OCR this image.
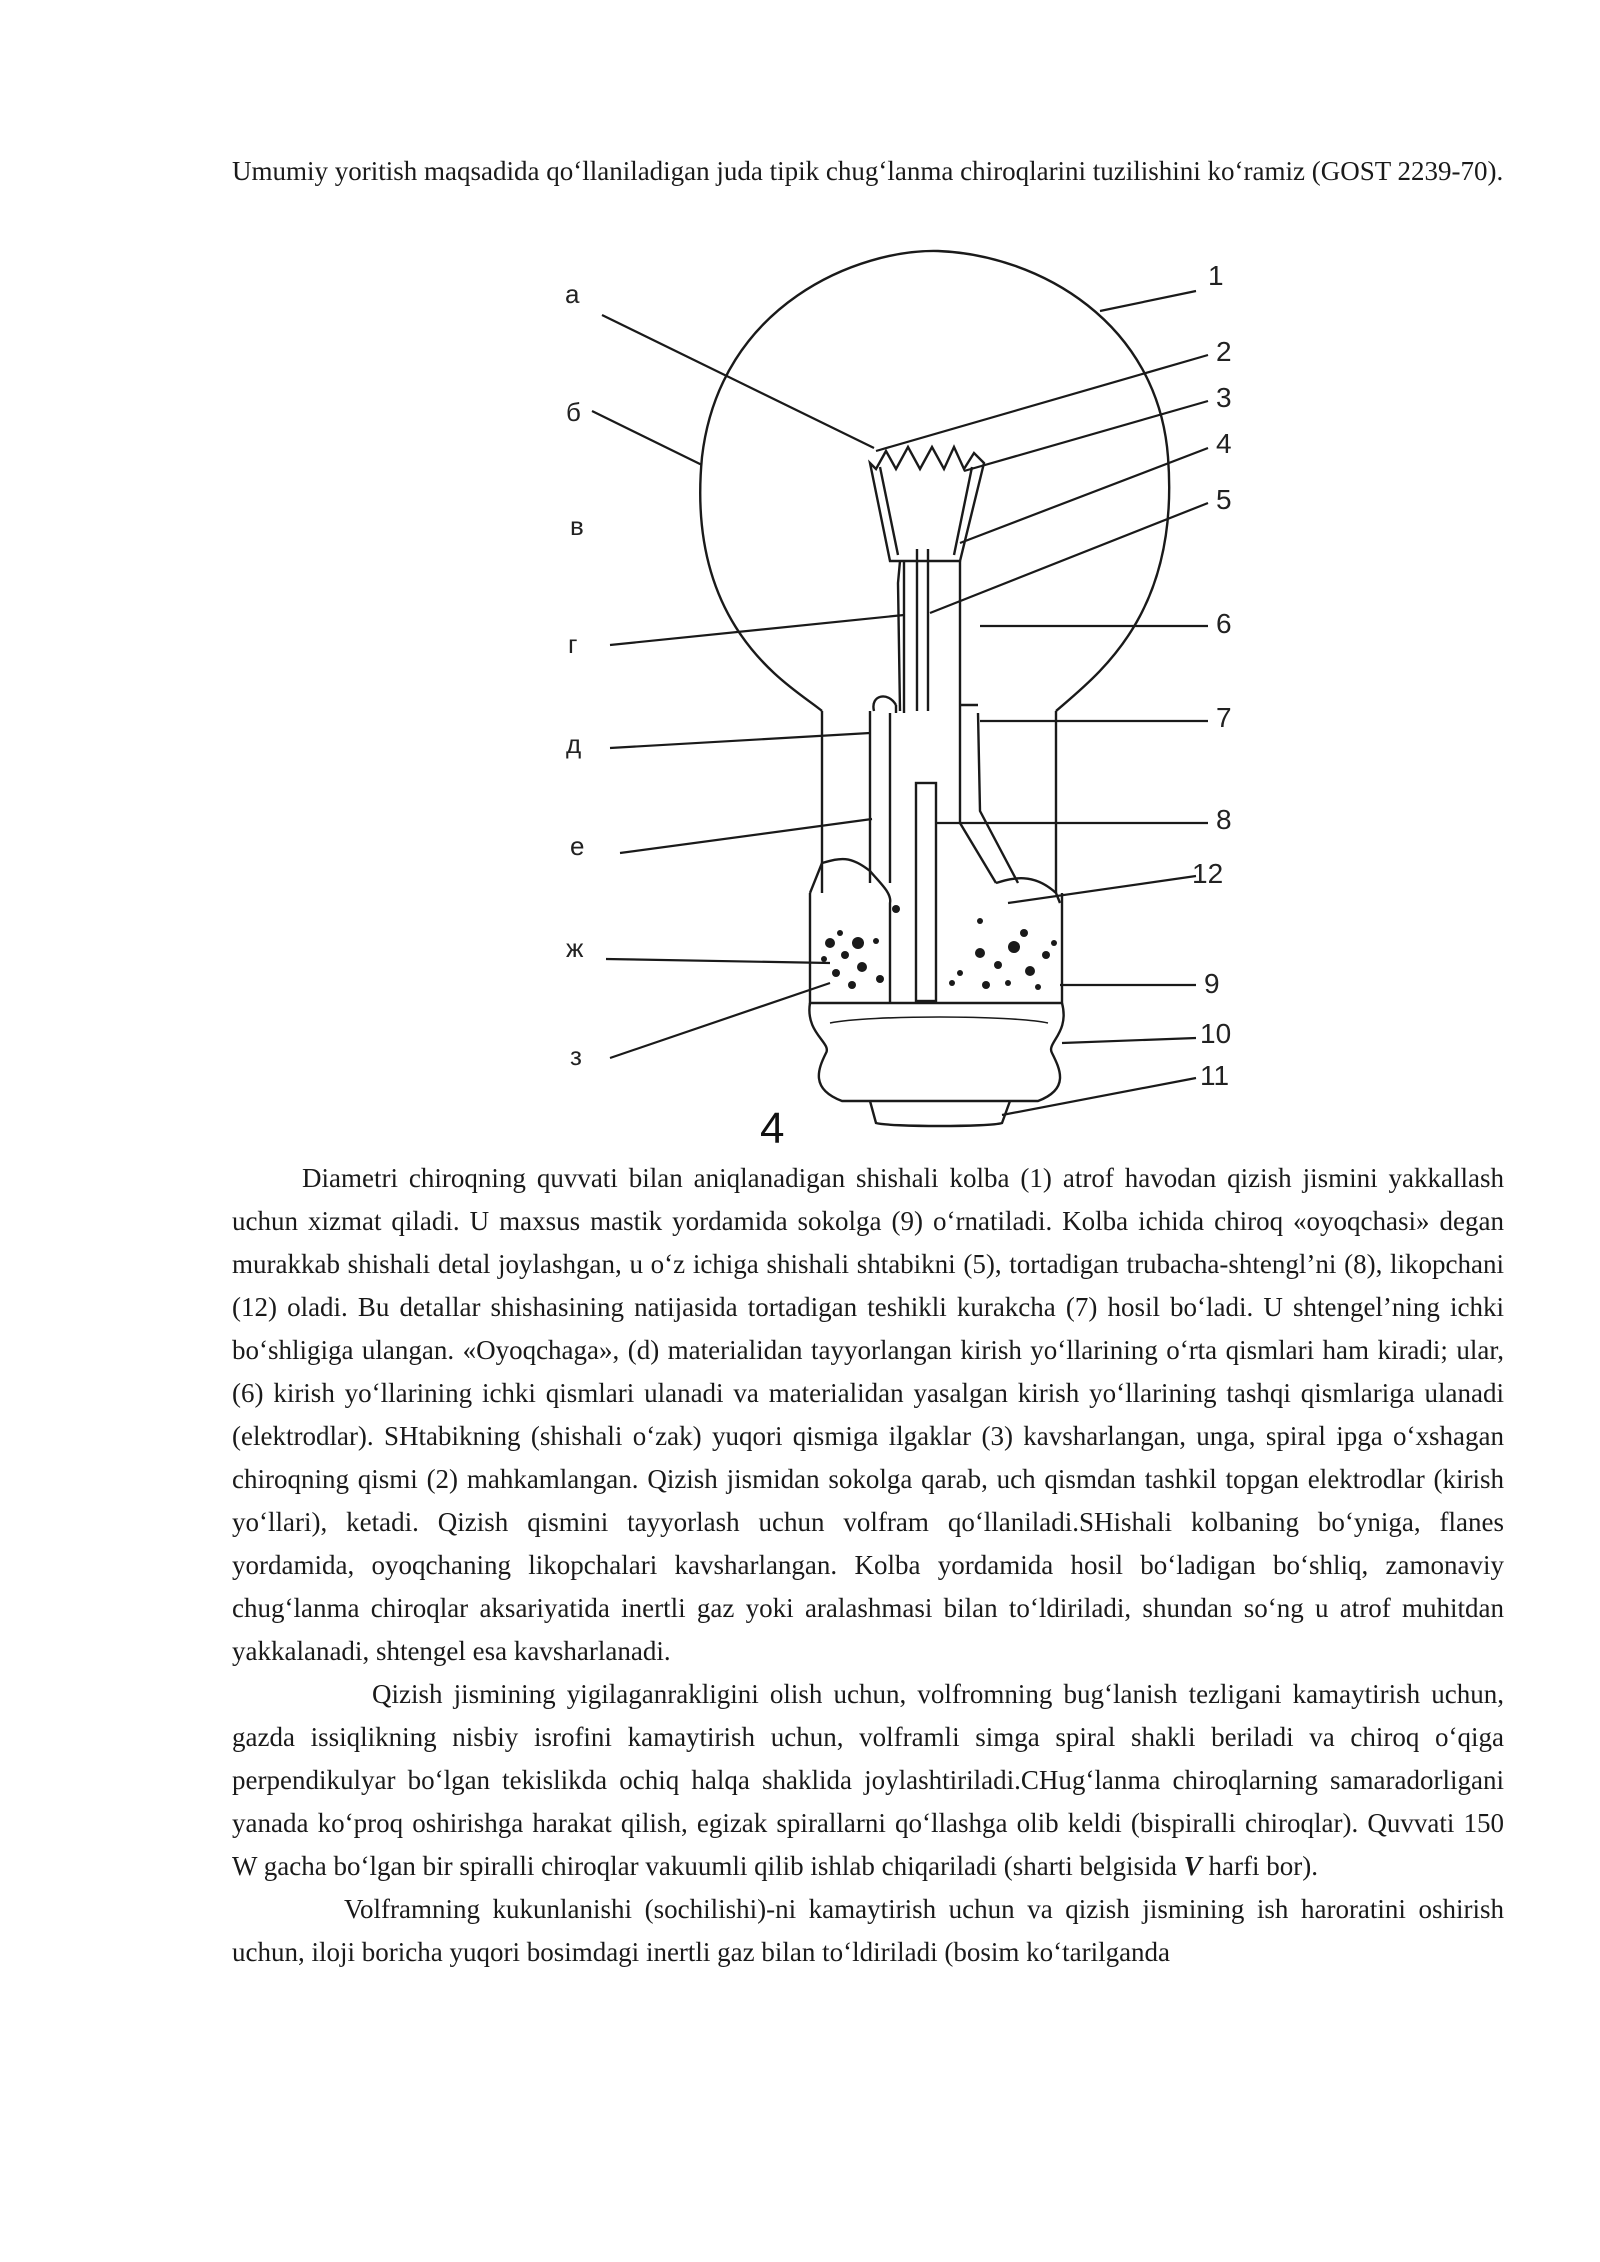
Umumiy yoritish maqsadida qo‘llaniladigan juda tipik chug‘lanma chiroqlarini tuzilishini ko‘ramiz (GOST 2239-70).

а
б
в
г
д
е
ж
з
1
2
3
4
5
6
7
8
12
9
10
11
4

Diametri chiroqning quvvati bilan aniqlanadigan shishali kolba (1) atrof havodan qizish jismini yakkallash uchun xizmat qiladi. U maxsus mastik yordamida sokolga (9) o‘rnatiladi. Kolba ichida chiroq «oyoqchasi» degan murakkab shishali detal joylashgan, u o‘z ichiga shishali shtabikni (5), tortadigan trubacha-shtengl’ni (8), likopchani (12) oladi. Bu detallar shishasining natijasida tortadigan teshikli kurakcha (7) hosil bo‘ladi. U shtengel’ning ichki bo‘shligiga ulangan. «Oyoqchaga», (d) materialidan tayyorlangan kirish yo‘llarining o‘rta qismlari ham kiradi; ular, (6) kirish yo‘llarining ichki qismlari ulanadi va materialidan yasalgan kirish yo‘llarining tashqi qismlariga ulanadi (elektrodlar). SHtabikning (shishali o‘zak) yuqori qismiga ilgaklar (3) kavsharlangan, unga, spiral ipga o‘xshagan chiroqning qismi (2) mahkamlangan. Qizish jismidan sokolga qarab, uch qismdan tashkil topgan elektrodlar (kirish yo‘llari), ketadi. Qizish qismini tayyorlash uchun volfram qo‘llaniladi.SHishali kolbaning bo‘yniga, flanes yordamida, oyoqchaning likopchalari kavsharlangan. Kolba yordamida hosil bo‘ladigan bo‘shliq, zamonaviy chug‘lanma chiroqlar aksariyatida inertli gaz yoki aralashmasi bilan to‘ldiriladi, shundan so‘ng u atrof muhitdan yakkalanadi, shtengel esa kavsharlanadi.

Qizish jismining yigilaganrakligini olish uchun, volfromning bug‘lanish tezligani kamaytirish uchun, gazda issiqlikning nisbiy isrofini kamaytirish uchun, volframli simga spiral shakli beriladi va chiroq o‘qiga perpendikulyar bo‘lgan tekislikda ochiq halqa shaklida joylashtiriladi.CHug‘lanma chiroqlarning samaradorligani yanada ko‘proq oshirishga harakat qilish, egizak spirallarni qo‘llashga olib keldi (bispiralli chiroqlar). Quvvati 150 W gacha bo‘lgan bir spiralli chiroqlar vakuumli qilib ishlab chiqariladi (sharti belgisida V harfi bor).

Volframning kukunlanishi (sochilishi)-ni kamaytirish uchun va qizish jismining ish haroratini oshirish uchun, iloji boricha yuqori bosimdagi inertli gaz bilan to‘ldiriladi (bosim ko‘tarilganda
